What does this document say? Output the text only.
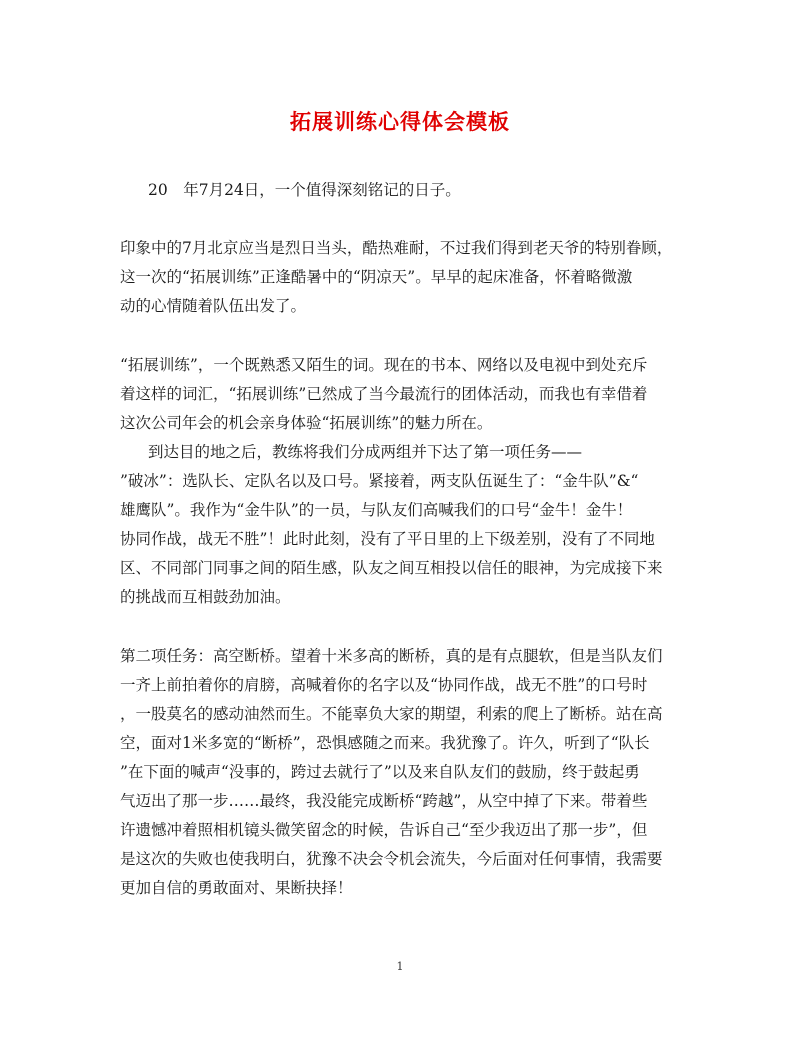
拓展训练心得体会模板
20　年7月24日，一个值得深刻铭记的日子。
印象中的7月北京应当是烈日当头，酷热难耐，不过我们得到老天爷的特别眷顾，
这一次的“拓展训练”正逢酷暑中的“阴凉天”。早早的起床准备，怀着略微激
动的心情随着队伍出发了。
“拓展训练”，一个既熟悉又陌生的词。现在的书本、网络以及电视中到处充斥
着这样的词汇，“拓展训练”已然成了当今最流行的团体活动，而我也有幸借着
这次公司年会的机会亲身体验“拓展训练”的魅力所在。
到达目的地之后，教练将我们分成两组并下达了第一项任务——
”破冰”：选队长、定队名以及口号。紧接着，两支队伍诞生了：“金牛队”&“
雄鹰队”。我作为“金牛队”的一员，与队友们高喊我们的口号“金牛！金牛！
协同作战，战无不胜”！此时此刻，没有了平日里的上下级差别，没有了不同地
区、不同部门同事之间的陌生感，队友之间互相投以信任的眼神，为完成接下来
的挑战而互相鼓劲加油。
第二项任务：高空断桥。望着十米多高的断桥，真的是有点腿软，但是当队友们
一齐上前拍着你的肩膀，高喊着你的名字以及“协同作战，战无不胜”的口号时
，一股莫名的感动油然而生。不能辜负大家的期望，利索的爬上了断桥。站在高
空，面对1米多宽的“断桥”，恐惧感随之而来。我犹豫了。许久，听到了“队长
”在下面的喊声“没事的，跨过去就行了”以及来自队友们的鼓励，终于鼓起勇
气迈出了那一步……最终，我没能完成断桥“跨越”，从空中掉了下来。带着些
许遗憾冲着照相机镜头微笑留念的时候，告诉自己“至少我迈出了那一步”，但
是这次的失败也使我明白，犹豫不决会令机会流失，今后面对任何事情，我需要
更加自信的勇敢面对、果断抉择！
1
